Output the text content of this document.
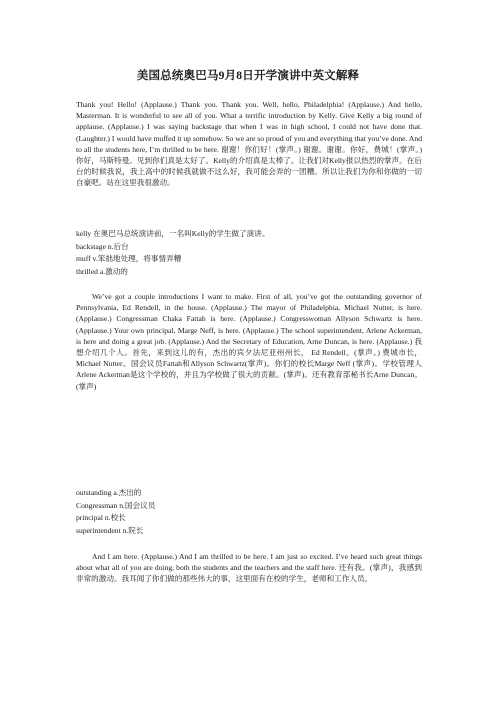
美国总统奥巴马9月8日开学演讲中英文解释

Thank you! Hello! (Applause.) Thank you. Thank you. Well, hello, Philadelphia! (Applause.) And hello, Masterman. It is wonderful to see all of you. What a terrific introduction by Kelly. Give Kelly a big round of applause. (Applause.) I was saying backstage that when I was in high school, I could not have done that. (Laughter.) I would have muffed it up somehow. So we are so proud of you and everything that you’ve done. And to all the students here, I’m thrilled to be here. 谢谢！你们好！(掌声。) 谢谢。谢谢。你好，费城！(掌声。) 你好，马斯特曼。见到你们真是太好了。Kelly的介绍真是太棒了。让我们对Kelly报以热烈的掌声。在后台的时候我说，我上高中的时候我就做不这么好，我可能会弄的一团糟。所以让我们为你和你做的一切自豪吧。站在这里我很激动。

kelly 在奥巴马总统演讲前，一名叫Kelly的学生做了演讲。
backstage n.后台
muff v.笨拙地处理，将事情弄糟
thrilled a.激动的

We’ve got a couple introductions I want to make. First of all, you’ve got the outstanding governor of Pennsylvania, Ed Rendell, in the house. (Applause.) The mayor of Philadelphia, Michael Nutter, is here. (Applause.) Congressman Chaka Fattah is here. (Applause.) Congresswoman Allyson Schwartz is here. (Applause.) Your own principal, Marge Neff, is here. (Applause.) The school superintendent, Arlene Ackerman, is here and doing a great job. (Applause.) And the Secretary of Education, Arne Duncan, is here. (Applause.) 我想介绍几个人。首先，来到这儿的有，杰出的宾夕法尼亚州州长， Ed Rendell。(掌声。) 费城市长，Michael Nutter。国会议员Fattah和Allyson Schwartz(掌声)。你们的校长Marge Neff (掌声)。学校管理人Arlene Ackerman是这个学校的，并且为学校做了很大的贡献。(掌声)。还有教育部秘书长Arne Duncan。(掌声)

outstanding a.杰出的
Congressman n.国会议员
principal n.校长
superintendent n.院长

And I am here. (Applause.) And I am thrilled to be here. I am just so excited. I’ve heard such great things about what all of you are doing, both the students and the teachers and the staff here. 还有我。(掌声)，我感到非常的激动。我耳闻了你们做的那些伟大的事，这里面有在校的学生，老师和工作人员。
